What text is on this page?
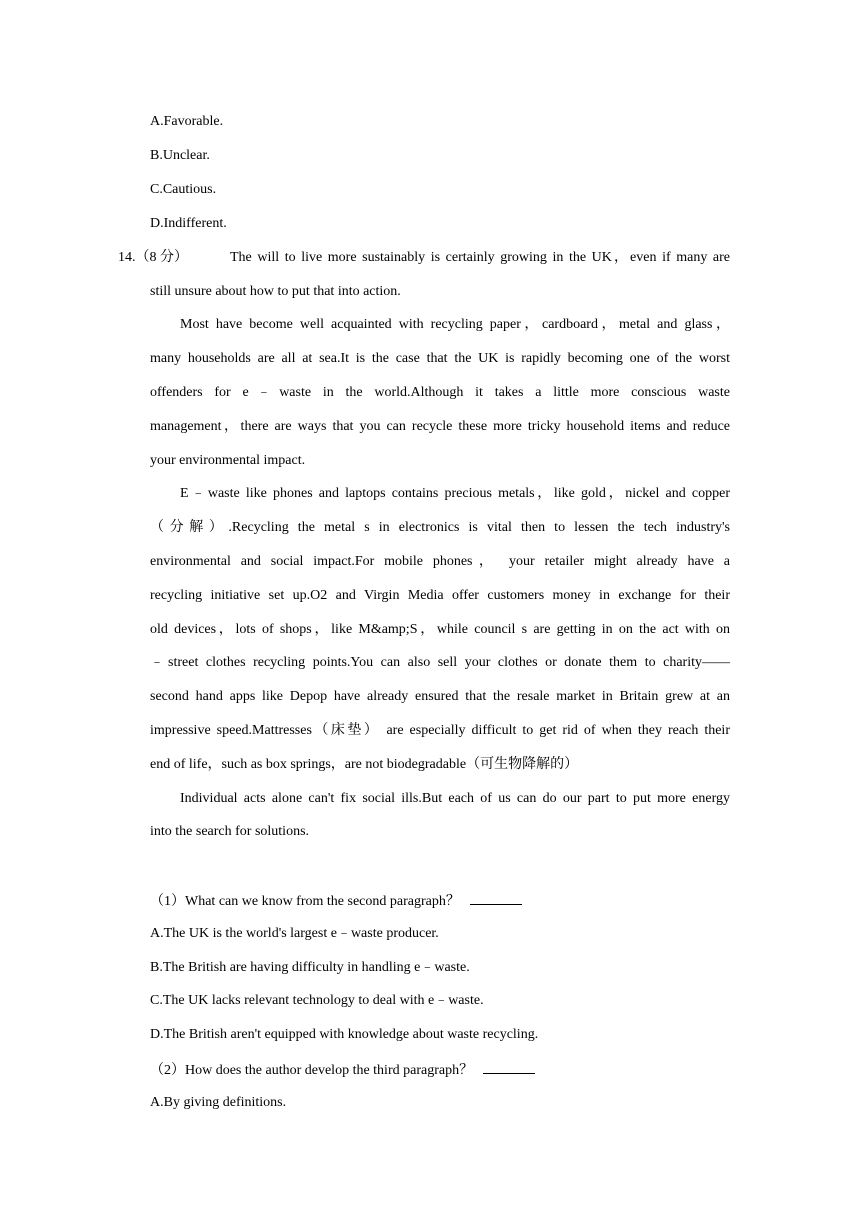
A.Favorable.
B.Unclear.
C.Cautious.
D.Indifferent.
14.（8 分）	The will to live more sustainably is certainly growing in the UK，even if many are
still unsure about how to put that into action.
Most have become well acquainted with recycling paper，cardboard，metal and glass，
many households are all at sea.It is the case that the UK is rapidly becoming one of the worst
offenders for e﹣waste in the world.Although it takes a little more conscious waste
management，there are ways that you can recycle these more tricky household items and reduce
your environmental impact.
E﹣waste like phones and laptops contains precious metals，like gold，nickel and copper
（分解）.Recycling the metal s in electronics is vital then to lessen the tech industry's
environmental and social impact.For mobile phones， your retailer might already have a
recycling initiative set up.O2 and Virgin Media offer customers money in exchange for their
old devices，lots of shops，like M&amp;S，while council s are getting in on the act with on
﹣street clothes recycling points.You can also sell your clothes or donate them to charity——
second hand apps like Depop have already ensured that the resale market in Britain grew at an
impressive speed.Mattresses（床垫） are especially difficult to get rid of when they reach their
end of life，such as box springs，are not biodegradable（可生物降解的）
Individual acts alone can't fix social ills.But each of us can do our part to put more energy
into the search for solutions.
（1）What can we know from the second paragraph？
A.The UK is the world's largest e﹣waste producer.
B.The British are having difficulty in handling e﹣waste.
C.The UK lacks relevant technology to deal with e﹣waste.
D.The British aren't equipped with knowledge about waste recycling.
（2）How does the author develop the third paragraph？
A.By giving definitions.
